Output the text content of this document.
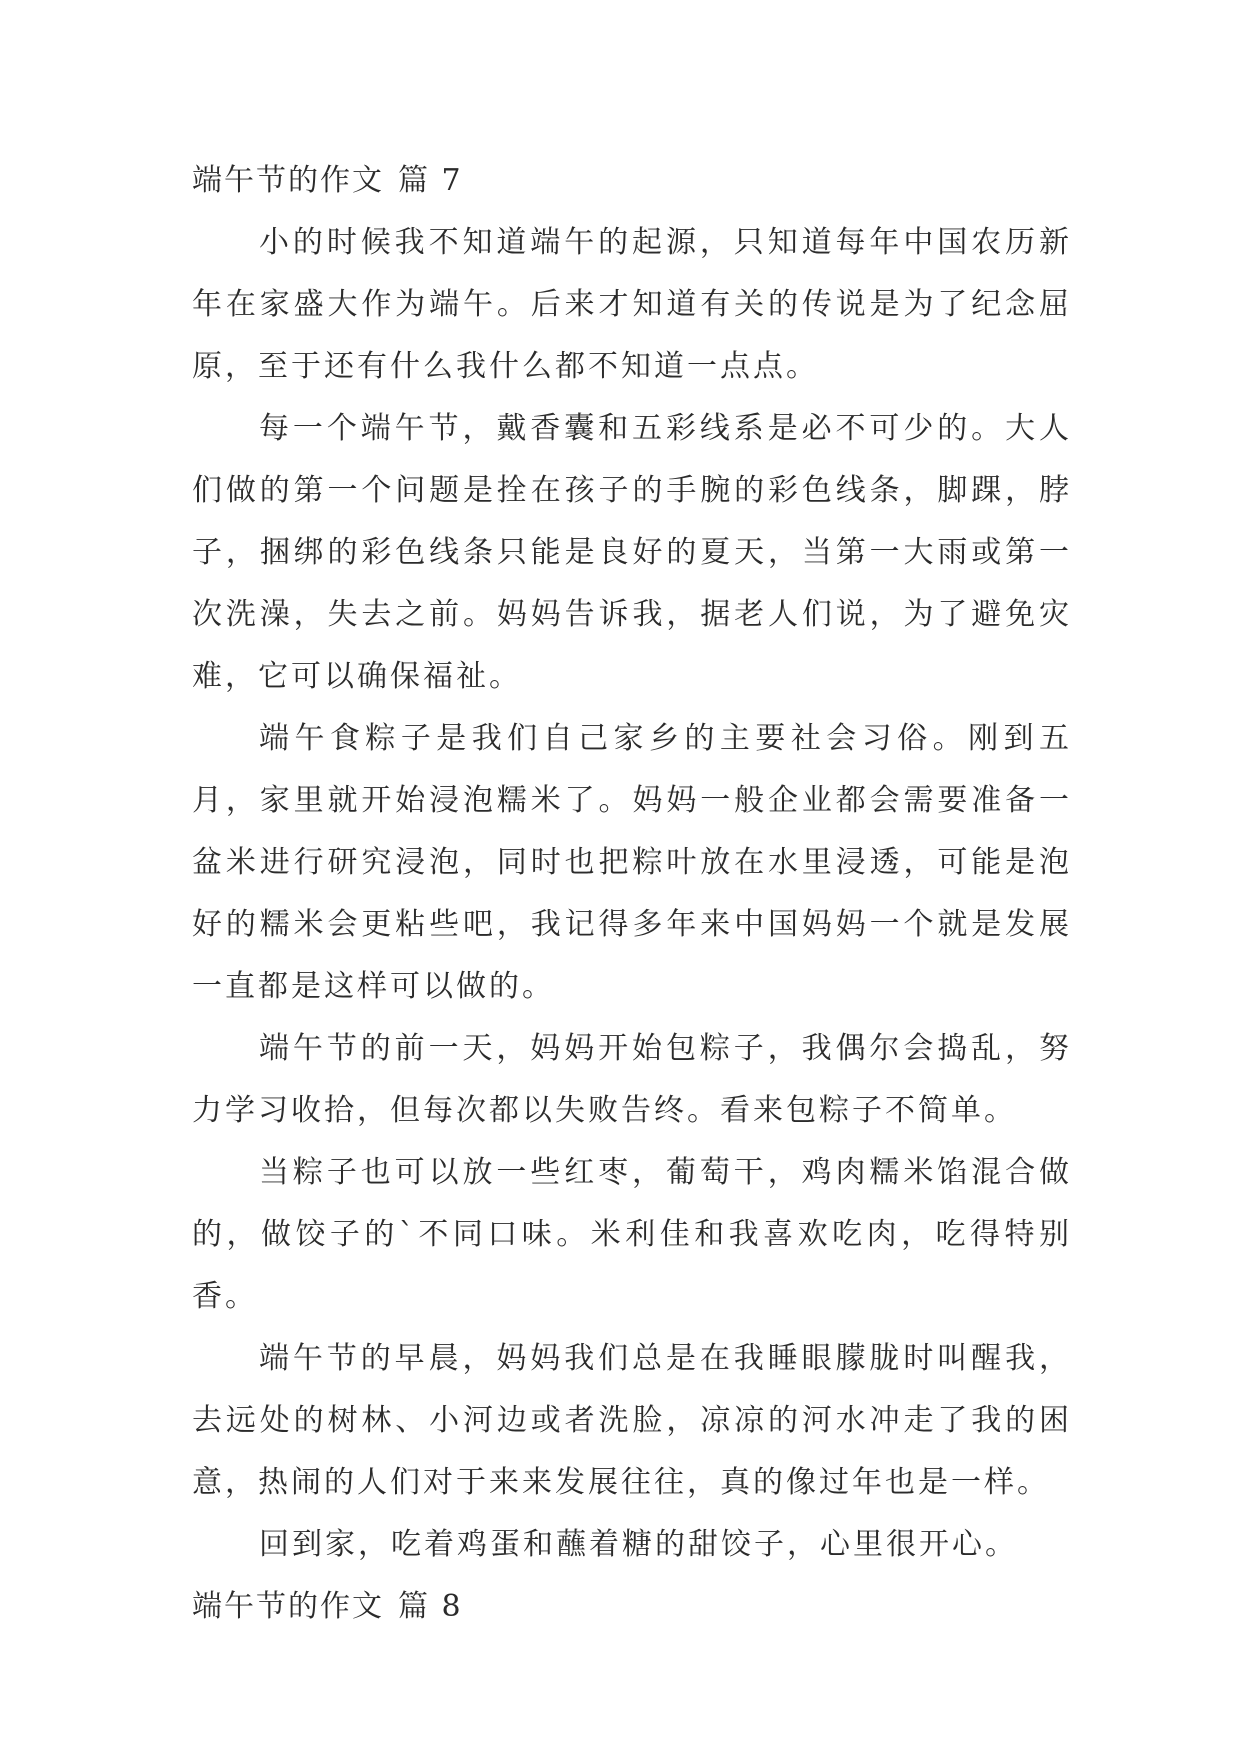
端午节的作文 篇 7

小的时候我不知道端午的起源，只知道每年中国农历新年在家盛大作为端午。后来才知道有关的传说是为了纪念屈原，至于还有什么我什么都不知道一点点。

每一个端午节，戴香囊和五彩线系是必不可少的。大人们做的第一个问题是拴在孩子的手腕的彩色线条，脚踝，脖子，捆绑的彩色线条只能是良好的夏天，当第一大雨或第一次洗澡，失去之前。妈妈告诉我，据老人们说，为了避免灾难，它可以确保福祉。

端午食粽子是我们自己家乡的主要社会习俗。刚到五月，家里就开始浸泡糯米了。妈妈一般企业都会需要准备一盆米进行研究浸泡，同时也把粽叶放在水里浸透，可能是泡好的糯米会更粘些吧，我记得多年来中国妈妈一个就是发展一直都是这样可以做的。

端午节的前一天，妈妈开始包粽子，我偶尔会捣乱，努力学习收拾，但每次都以失败告终。看来包粽子不简单。

当粽子也可以放一些红枣，葡萄干，鸡肉糯米馅混合做的，做饺子的`不同口味。米利佳和我喜欢吃肉，吃得特别香。

端午节的早晨，妈妈我们总是在我睡眼朦胧时叫醒我，去远处的树林、小河边或者洗脸，凉凉的河水冲走了我的困意，热闹的人们对于来来发展往往，真的像过年也是一样。

回到家，吃着鸡蛋和蘸着糖的甜饺子，心里很开心。

端午节的作文 篇 8
